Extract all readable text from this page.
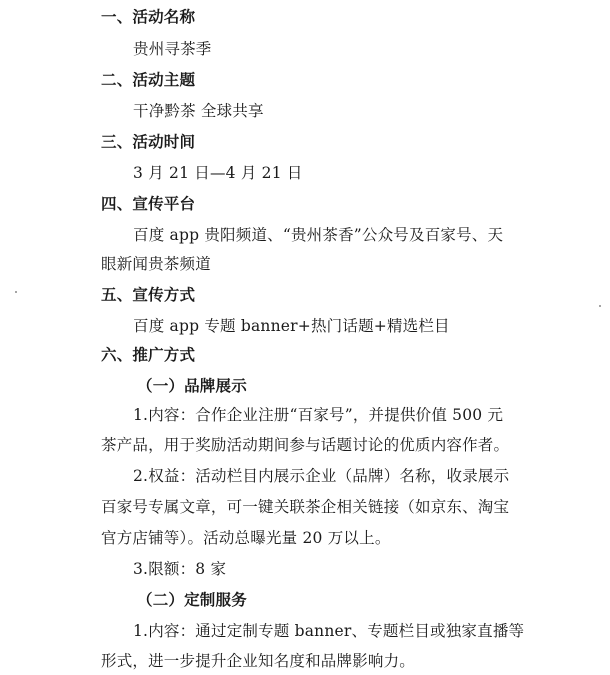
一、活动名称
贵州寻茶季
二、活动主题
干净黔茶 全球共享
三、活动时间
3 月 21 日—4 月 21 日
四、宣传平台
百度 app 贵阳频道、“贵州茶香”公众号及百家号、天
眼新闻贵茶频道
五、宣传方式
百度 app 专题 banner+热门话题+精选栏目
六、推广方式
（一）品牌展示
1.内容：合作企业注册“百家号”，并提供价值 500 元
茶产品，用于奖励活动期间参与话题讨论的优质内容作者。
2.权益：活动栏目内展示企业（品牌）名称，收录展示
百家号专属文章，可一键关联茶企相关链接（如京东、淘宝
官方店铺等）。活动总曝光量 20 万以上。
3.限额：8 家
（二）定制服务
1.内容：通过定制专题 banner、专题栏目或独家直播等
形式，进一步提升企业知名度和品牌影响力。
